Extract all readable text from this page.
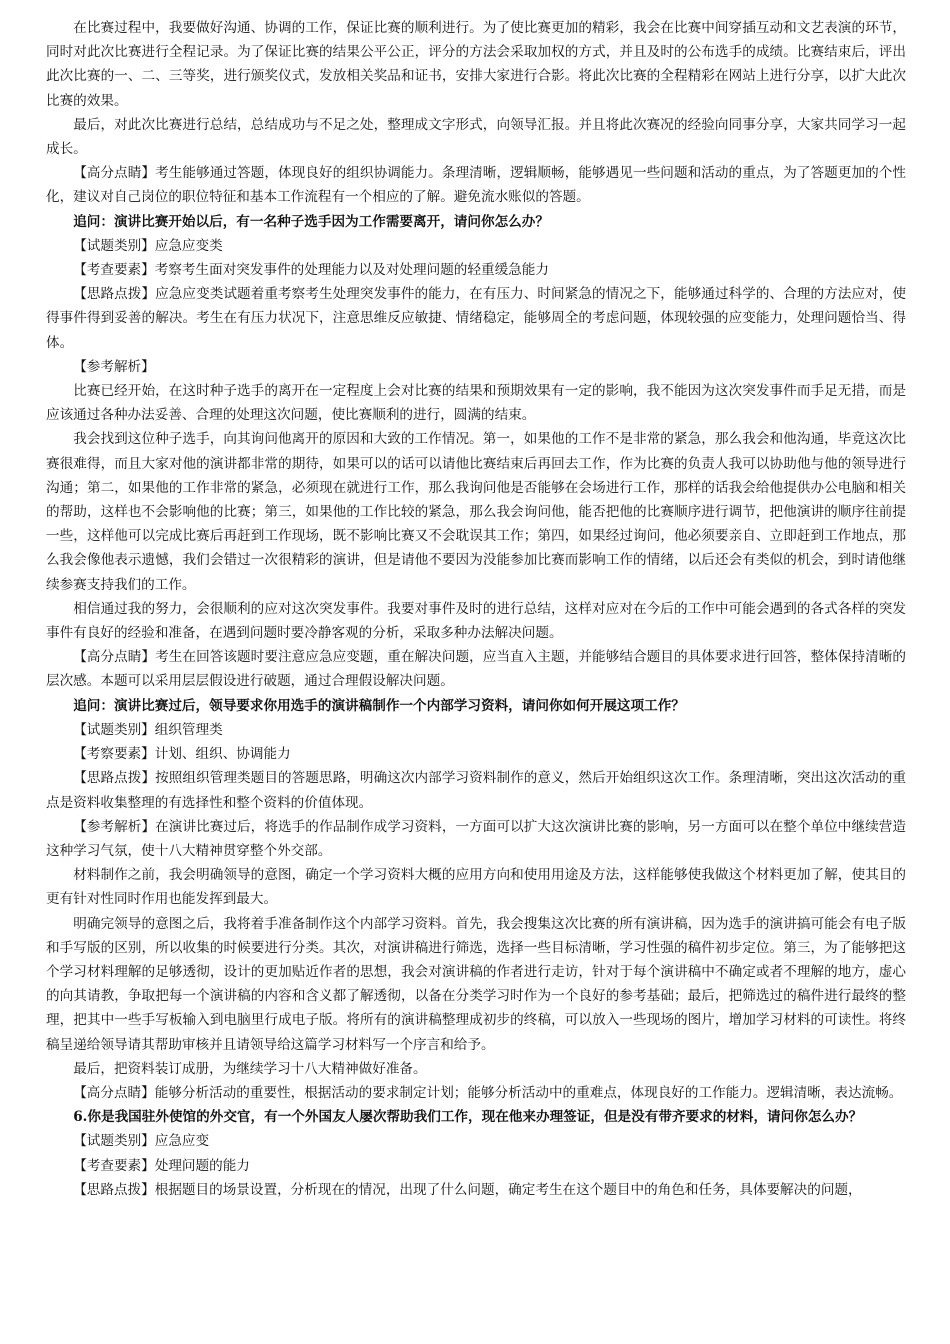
在比赛过程中，我要做好沟通、协调的工作，保证比赛的顺利进行。为了使比赛更加的精彩，我会在比赛中间穿插互动和文艺表演的环节，同时对此次比赛进行全程记录。为了保证比赛的结果公平公正，评分的方法会采取加权的方式，并且及时的公布选手的成绩。比赛结束后，评出此次比赛的一、二、三等奖，进行颁奖仪式，发放相关奖品和证书，安排大家进行合影。将此次比赛的全程精彩在网站上进行分享，以扩大此次比赛的效果。

最后，对此次比赛进行总结，总结成功与不足之处，整理成文字形式，向领导汇报。并且将此次赛况的经验向同事分享，大家共同学习一起成长。

【高分点睛】考生能够通过答题，体现良好的组织协调能力。条理清晰，逻辑顺畅，能够遇见一些问题和活动的重点，为了答题更加的个性化，建议对自己岗位的职位特征和基本工作流程有一个相应的了解。避免流水账似的答题。

追问：演讲比赛开始以后，有一名种子选手因为工作需要离开，请问你怎么办？

【试题类别】应急应变类

【考查要素】考察考生面对突发事件的处理能力以及对处理问题的轻重缓急能力

【思路点拨】应急应变类试题着重考察考生处理突发事件的能力，在有压力、时间紧急的情况之下，能够通过科学的、合理的方法应对，使得事件得到妥善的解决。考生在有压力状况下，注意思维反应敏捷、情绪稳定，能够周全的考虑问题，体现较强的应变能力，处理问题恰当、得体。

【参考解析】

比赛已经开始，在这时种子选手的离开在一定程度上会对比赛的结果和预期效果有一定的影响，我不能因为这次突发事件而手足无措，而是应该通过各种办法妥善、合理的处理这次问题，使比赛顺利的进行，圆满的结束。

我会找到这位种子选手，向其询问他离开的原因和大致的工作情况。第一，如果他的工作不是非常的紧急，那么我会和他沟通，毕竟这次比赛很难得，而且大家对他的演讲都非常的期待，如果可以的话可以请他比赛结束后再回去工作，作为比赛的负责人我可以协助他与他的领导进行沟通；第二，如果他的工作非常的紧急，必须现在就进行工作，那么我询问他是否能够在会场进行工作，那样的话我会给他提供办公电脑和相关的帮助，这样也不会影响他的比赛；第三，如果他的工作比较的紧急，那么我会询问他，能否把他的比赛顺序进行调节，把他演讲的顺序往前提一些，这样他可以完成比赛后再赶到工作现场，既不影响比赛又不会耽误其工作；第四，如果经过询问，他必须要亲自、立即赶到工作地点，那么我会像他表示遗憾，我们会错过一次很精彩的演讲，但是请他不要因为没能参加比赛而影响工作的情绪，以后还会有类似的机会，到时请他继续参赛支持我们的工作。

相信通过我的努力，会很顺利的应对这次突发事件。我要对事件及时的进行总结，这样对应对在今后的工作中可能会遇到的各式各样的突发事件有良好的经验和准备，在遇到问题时要冷静客观的分析，采取多种办法解决问题。

【高分点睛】考生在回答该题时要注意应急应变题，重在解决问题，应当直入主题，并能够结合题目的具体要求进行回答，整体保持清晰的层次感。本题可以采用层层假设进行破题，通过合理假设解决问题。

追问：演讲比赛过后，领导要求你用选手的演讲稿制作一个内部学习资料，请问你如何开展这项工作？

【试题类别】组织管理类

【考察要素】计划、组织、协调能力

【思路点拨】按照组织管理类题目的答题思路，明确这次内部学习资料制作的意义，然后开始组织这次工作。条理清晰，突出这次活动的重点是资料收集整理的有选择性和整个资料的价值体现。

【参考解析】在演讲比赛过后，将选手的作品制作成学习资料，一方面可以扩大这次演讲比赛的影响，另一方面可以在整个单位中继续营造这种学习气氛，使十八大精神贯穿整个外交部。

材料制作之前，我会明确领导的意图，确定一个学习资料大概的应用方向和使用用途及方法，这样能够使我做这个材料更加了解，使其目的更有针对性同时作用也能发挥到最大。

明确完领导的意图之后，我将着手准备制作这个内部学习资料。首先，我会搜集这次比赛的所有演讲稿，因为选手的演讲搞可能会有电子版和手写版的区别，所以收集的时候要进行分类。其次，对演讲稿进行筛选，选择一些目标清晰，学习性强的稿件初步定位。第三，为了能够把这个学习材料理解的足够透彻，设计的更加贴近作者的思想，我会对演讲稿的作者进行走访，针对于每个演讲稿中不确定或者不理解的地方，虚心的向其请教，争取把每一个演讲稿的内容和含义都了解透彻，以备在分类学习时作为一个良好的参考基础；最后，把筛选过的稿件进行最终的整理，把其中一些手写板输入到电脑里行成电子版。将所有的演讲稿整理成初步的终稿，可以放入一些现场的图片，增加学习材料的可读性。将终稿呈递给领导请其帮助审核并且请领导给这篇学习材料写一个序言和给予。

最后，把资料装订成册，为继续学习十八大精神做好准备。

【高分点睛】能够分析活动的重要性，根据活动的要求制定计划；能够分析活动中的重难点，体现良好的工作能力。逻辑清晰，表达流畅。

6.你是我国驻外使馆的外交官，有一个外国友人屡次帮助我们工作，现在他来办理签证，但是没有带齐要求的材料，请问你怎么办？

【试题类别】应急应变

【考查要素】处理问题的能力

【思路点拨】根据题目的场景设置，分析现在的情况，出现了什么问题，确定考生在这个题目中的角色和任务，具体要解决的问题，
